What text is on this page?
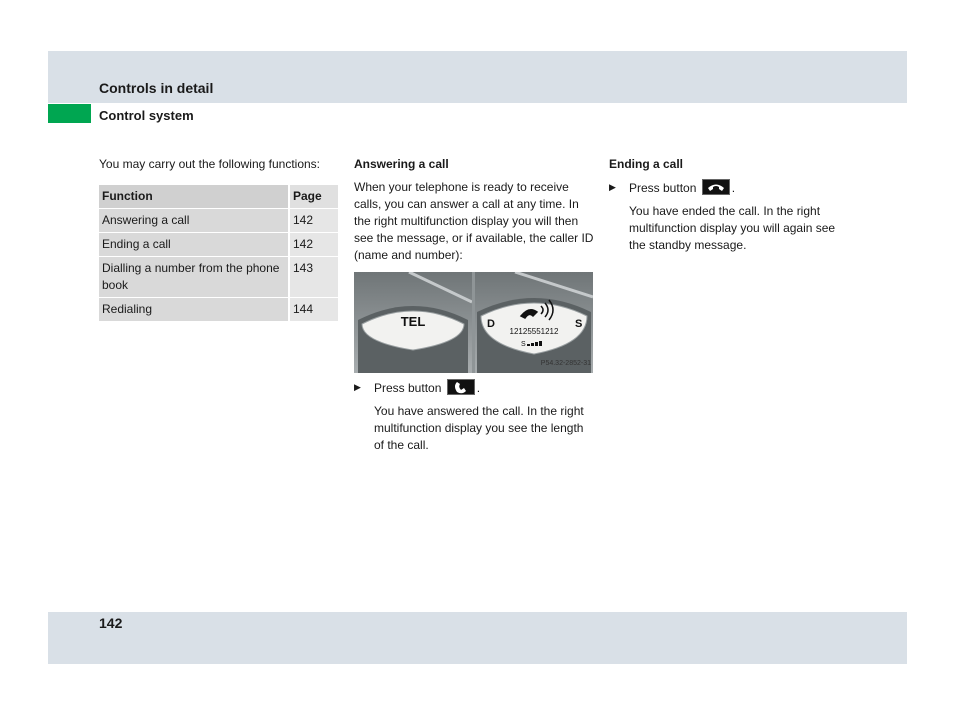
Controls in detail
Control system
You may carry out the following functions:
Function	Page
Answering a call	142
Ending a call	142
Dialling a number from the phone book	143
Redialing	144
Answering a call
When your telephone is ready to receive calls, you can answer a call at any time. In the right multifunction display you will then see the message, or if available, the caller ID (name and number):
TEL	D	S
12125551212
S
P54.32-2852-31
▶ Press button	.
You have answered the call. In the right multifunction display you see the length of the call.
Ending a call
▶ Press button	.
You have ended the call. In the right multifunction display you will again see the standby message.
142
